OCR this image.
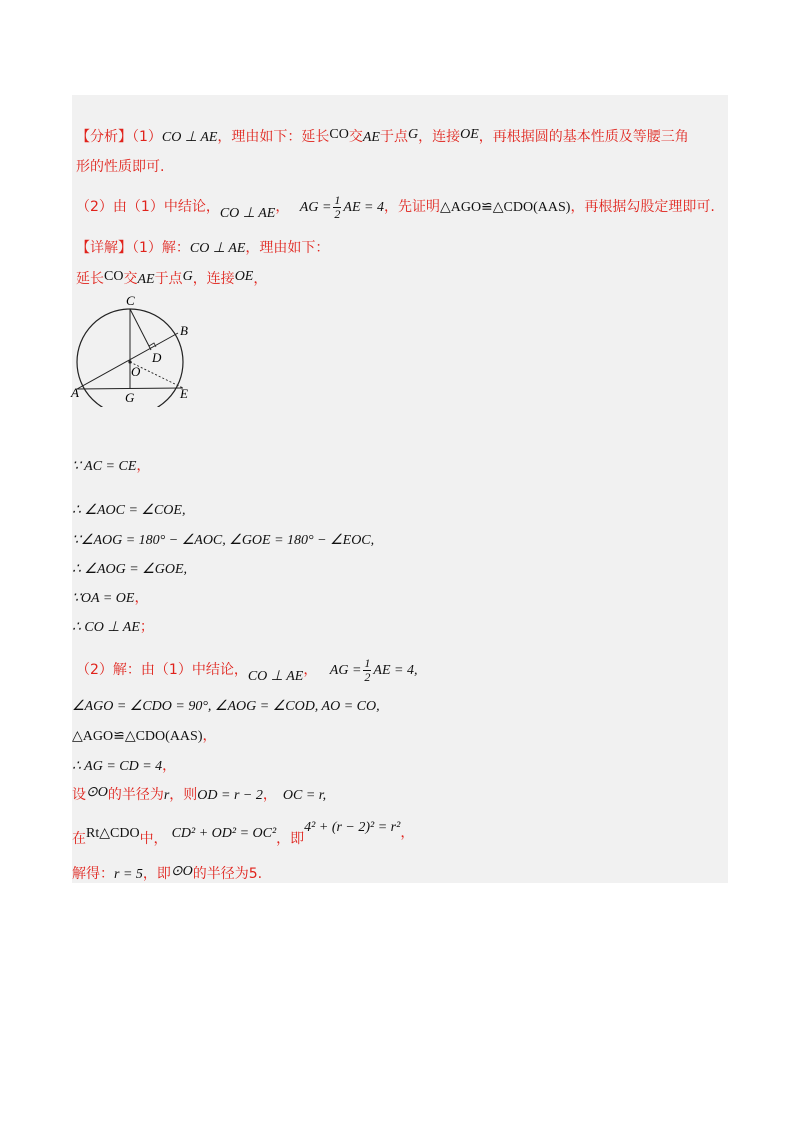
【分析】（1）CO ⊥ AE，理由如下：延长CO交AE于点G，连接OE，再根据圆的基本性质及等腰三角
形的性质即可.
（2）由（1）中结论，CO ⊥ AE， AG = $\frac{1}{2}$ AE = 4，先证明△AGO≌△CDO(AAS)，再根据勾股定理即可.
【详解】（1）解：CO ⊥ AE，理由如下：
延长CO交AE于点G，连接OE，
C
B
D
O
A	G	E
∵ AC = CE，
∴ ∠AOC = ∠COE,
∵∠AOG = 180° − ∠AOC, ∠GOE = 180° − ∠EOC,
∴ ∠AOG = ∠GOE,
∵OA = OE，
∴ CO ⊥ AE；
（2）解：由（1）中结论，CO ⊥ AE， AG = $\frac{1}{2}$ AE = 4,
∠AGO = ∠CDO = 90°, ∠AOG = ∠COD, AO = CO,
△AGO≌△CDO(AAS)，
∴ AG = CD = 4，
设⊙O的半径为r，则OD = r − 2， OC = r,
在Rt△CDO中， CD² + OD² = OC²，即4² + (r − 2)² = r²，
解得：r = 5，即⊙O的半径为5.
